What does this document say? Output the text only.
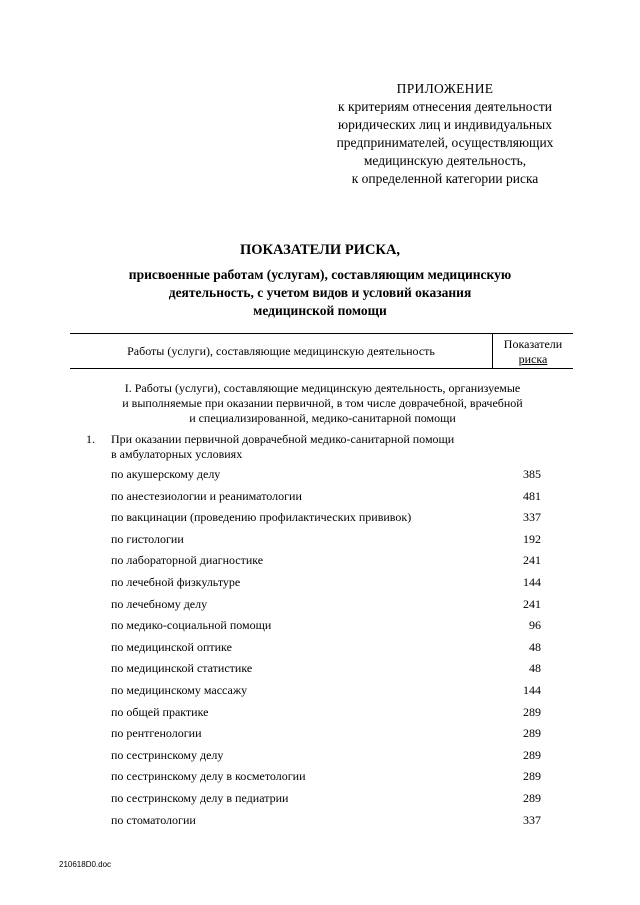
ПРИЛОЖЕНИЕ
к критериям отнесения деятельности
юридических лиц и индивидуальных
предпринимателей, осуществляющих
медицинскую деятельность,
к определенной категории риска
ПОКАЗАТЕЛИ РИСКА,
присвоенные работам (услугам), составляющим медицинскую
деятельность, с учетом видов и условий оказания
медицинской помощи
Работы (услуги), составляющие медицинскую деятельность	Показатели
риска
I. Работы (услуги), составляющие медицинскую деятельность, организуемые
и выполняемые при оказании первичной, в том числе доврачебной, врачебной
и специализированной, медико-санитарной помощи
1. При оказании первичной доврачебной медико-санитарной помощи
в амбулаторных условиях
по акушерскому делу	385
по анестезиологии и реаниматологии	481
по вакцинации (проведению профилактических прививок)	337
по гистологии	192
по лабораторной диагностике	241
по лечебной физкультуре	144
по лечебному делу	241
по медико-социальной помощи	96
по медицинской оптике	48
по медицинской статистике	48
по медицинскому массажу	144
по общей практике	289
по рентгенологии	289
по сестринскому делу	289
по сестринскому делу в косметологии	289
по сестринскому делу в педиатрии	289
по стоматологии	337
210618D0.doc
